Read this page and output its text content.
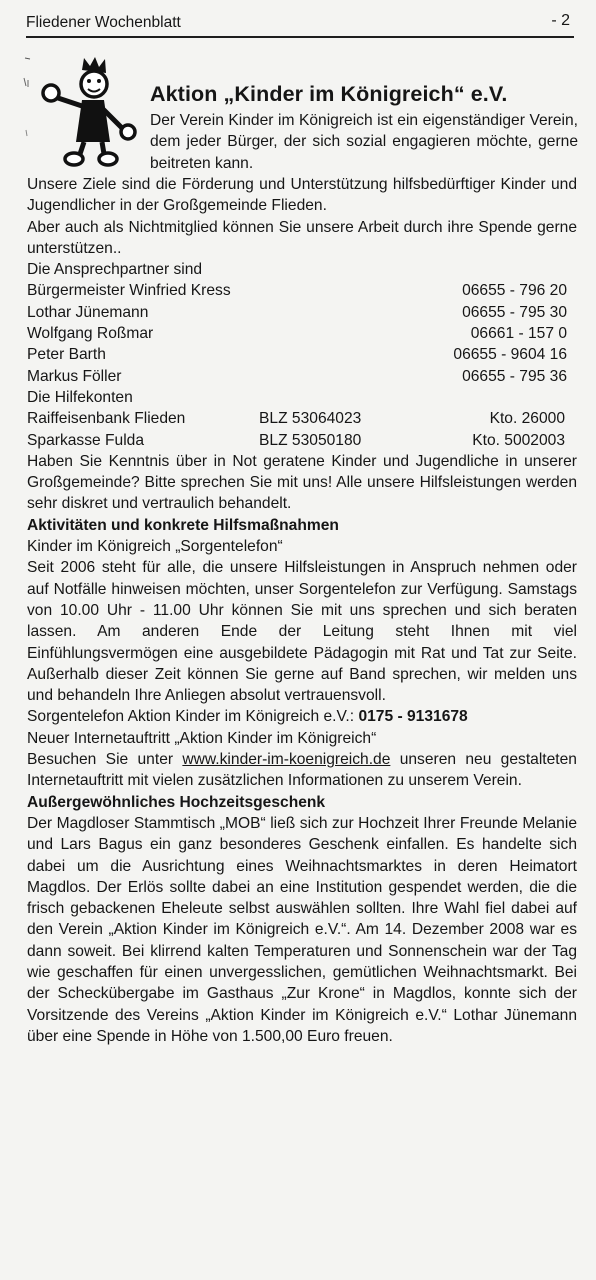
Fliedener Wochenblatt	- 2
Aktion „Kinder im Königreich“ e.V.

Der Verein Kinder im Königreich ist ein eigenständiger Verein, dem jeder Bürger, der sich sozial engagieren möchte, gerne beitreten kann.

Unsere Ziele sind die Förderung und Unterstützung hilfsbedürftiger Kinder und Jugendlicher in der Großgemeinde Flieden.

Aber auch als Nichtmitglied können Sie unsere Arbeit durch ihre Spende gerne unterstützen..

Die Ansprechpartner sind

Bürgermeister Winfried Kress	06655 - 796 20
Lothar Jünemann	06655 - 795 30
Wolfgang Roßmar	06661 - 157 0
Peter Barth	06655 - 9604 16
Markus Föller	06655 - 795 36

Die Hilfekonten

Raiffeisenbank Flieden	BLZ 53064023	Kto. 26000
Sparkasse Fulda	BLZ 53050180	Kto. 5002003

Haben Sie Kenntnis über in Not geratene Kinder und Jugendliche in unserer Großgemeinde? Bitte sprechen Sie mit uns! Alle unsere Hilfsleistungen werden sehr diskret und vertraulich behandelt.

Aktivitäten und konkrete Hilfsmaßnahmen

Kinder im Königreich „Sorgentelefon“

Seit 2006 steht für alle, die unsere Hilfsleistungen in Anspruch nehmen oder auf Notfälle hinweisen möchten, unser Sorgentelefon zur Verfügung. Samstags von 10.00 Uhr - 11.00 Uhr können Sie mit uns sprechen und sich beraten lassen. Am anderen Ende der Leitung steht Ihnen mit viel Einfühlungsvermögen eine ausgebildete Pädagogin mit Rat und Tat zur Seite. Außerhalb dieser Zeit können Sie gerne auf Band sprechen, wir melden uns und behandeln Ihre Anliegen absolut vertrauensvoll.

Sorgentelefon Aktion Kinder im Königreich e.V.: 0175 - 9131678

Neuer Internetauftritt „Aktion Kinder im Königreich“

Besuchen Sie unter www.kinder-im-koenigreich.de unseren neu gestalteten Internetauftritt mit vielen zusätzlichen Informationen zu unserem Verein.

Außergewöhnliches Hochzeitsgeschenk

Der Magdloser Stammtisch „MOB“ ließ sich zur Hochzeit Ihrer Freunde Melanie und Lars Bagus ein ganz besonderes Geschenk einfallen. Es handelte sich dabei um die Ausrichtung eines Weihnachtsmarktes in deren Heimatort Magdlos. Der Erlös sollte dabei an eine Institution gespendet werden, die die frisch gebackenen Eheleute selbst auswählen sollten. Ihre Wahl fiel dabei auf den Verein „Aktion Kinder im Königreich e.V.“. Am 14. Dezember 2008 war es dann soweit. Bei klirrend kalten Temperaturen und Sonnenschein war der Tag wie geschaffen für einen unvergesslichen, gemütlichen Weihnachtsmarkt. Bei der Scheckübergabe im Gasthaus „Zur Krone“ in Magdlos, konnte sich der Vorsitzende des Vereins „Aktion Kinder im Königreich e.V.“ Lothar Jünemann über eine Spende in Höhe von 1.500,00 Euro freuen.
